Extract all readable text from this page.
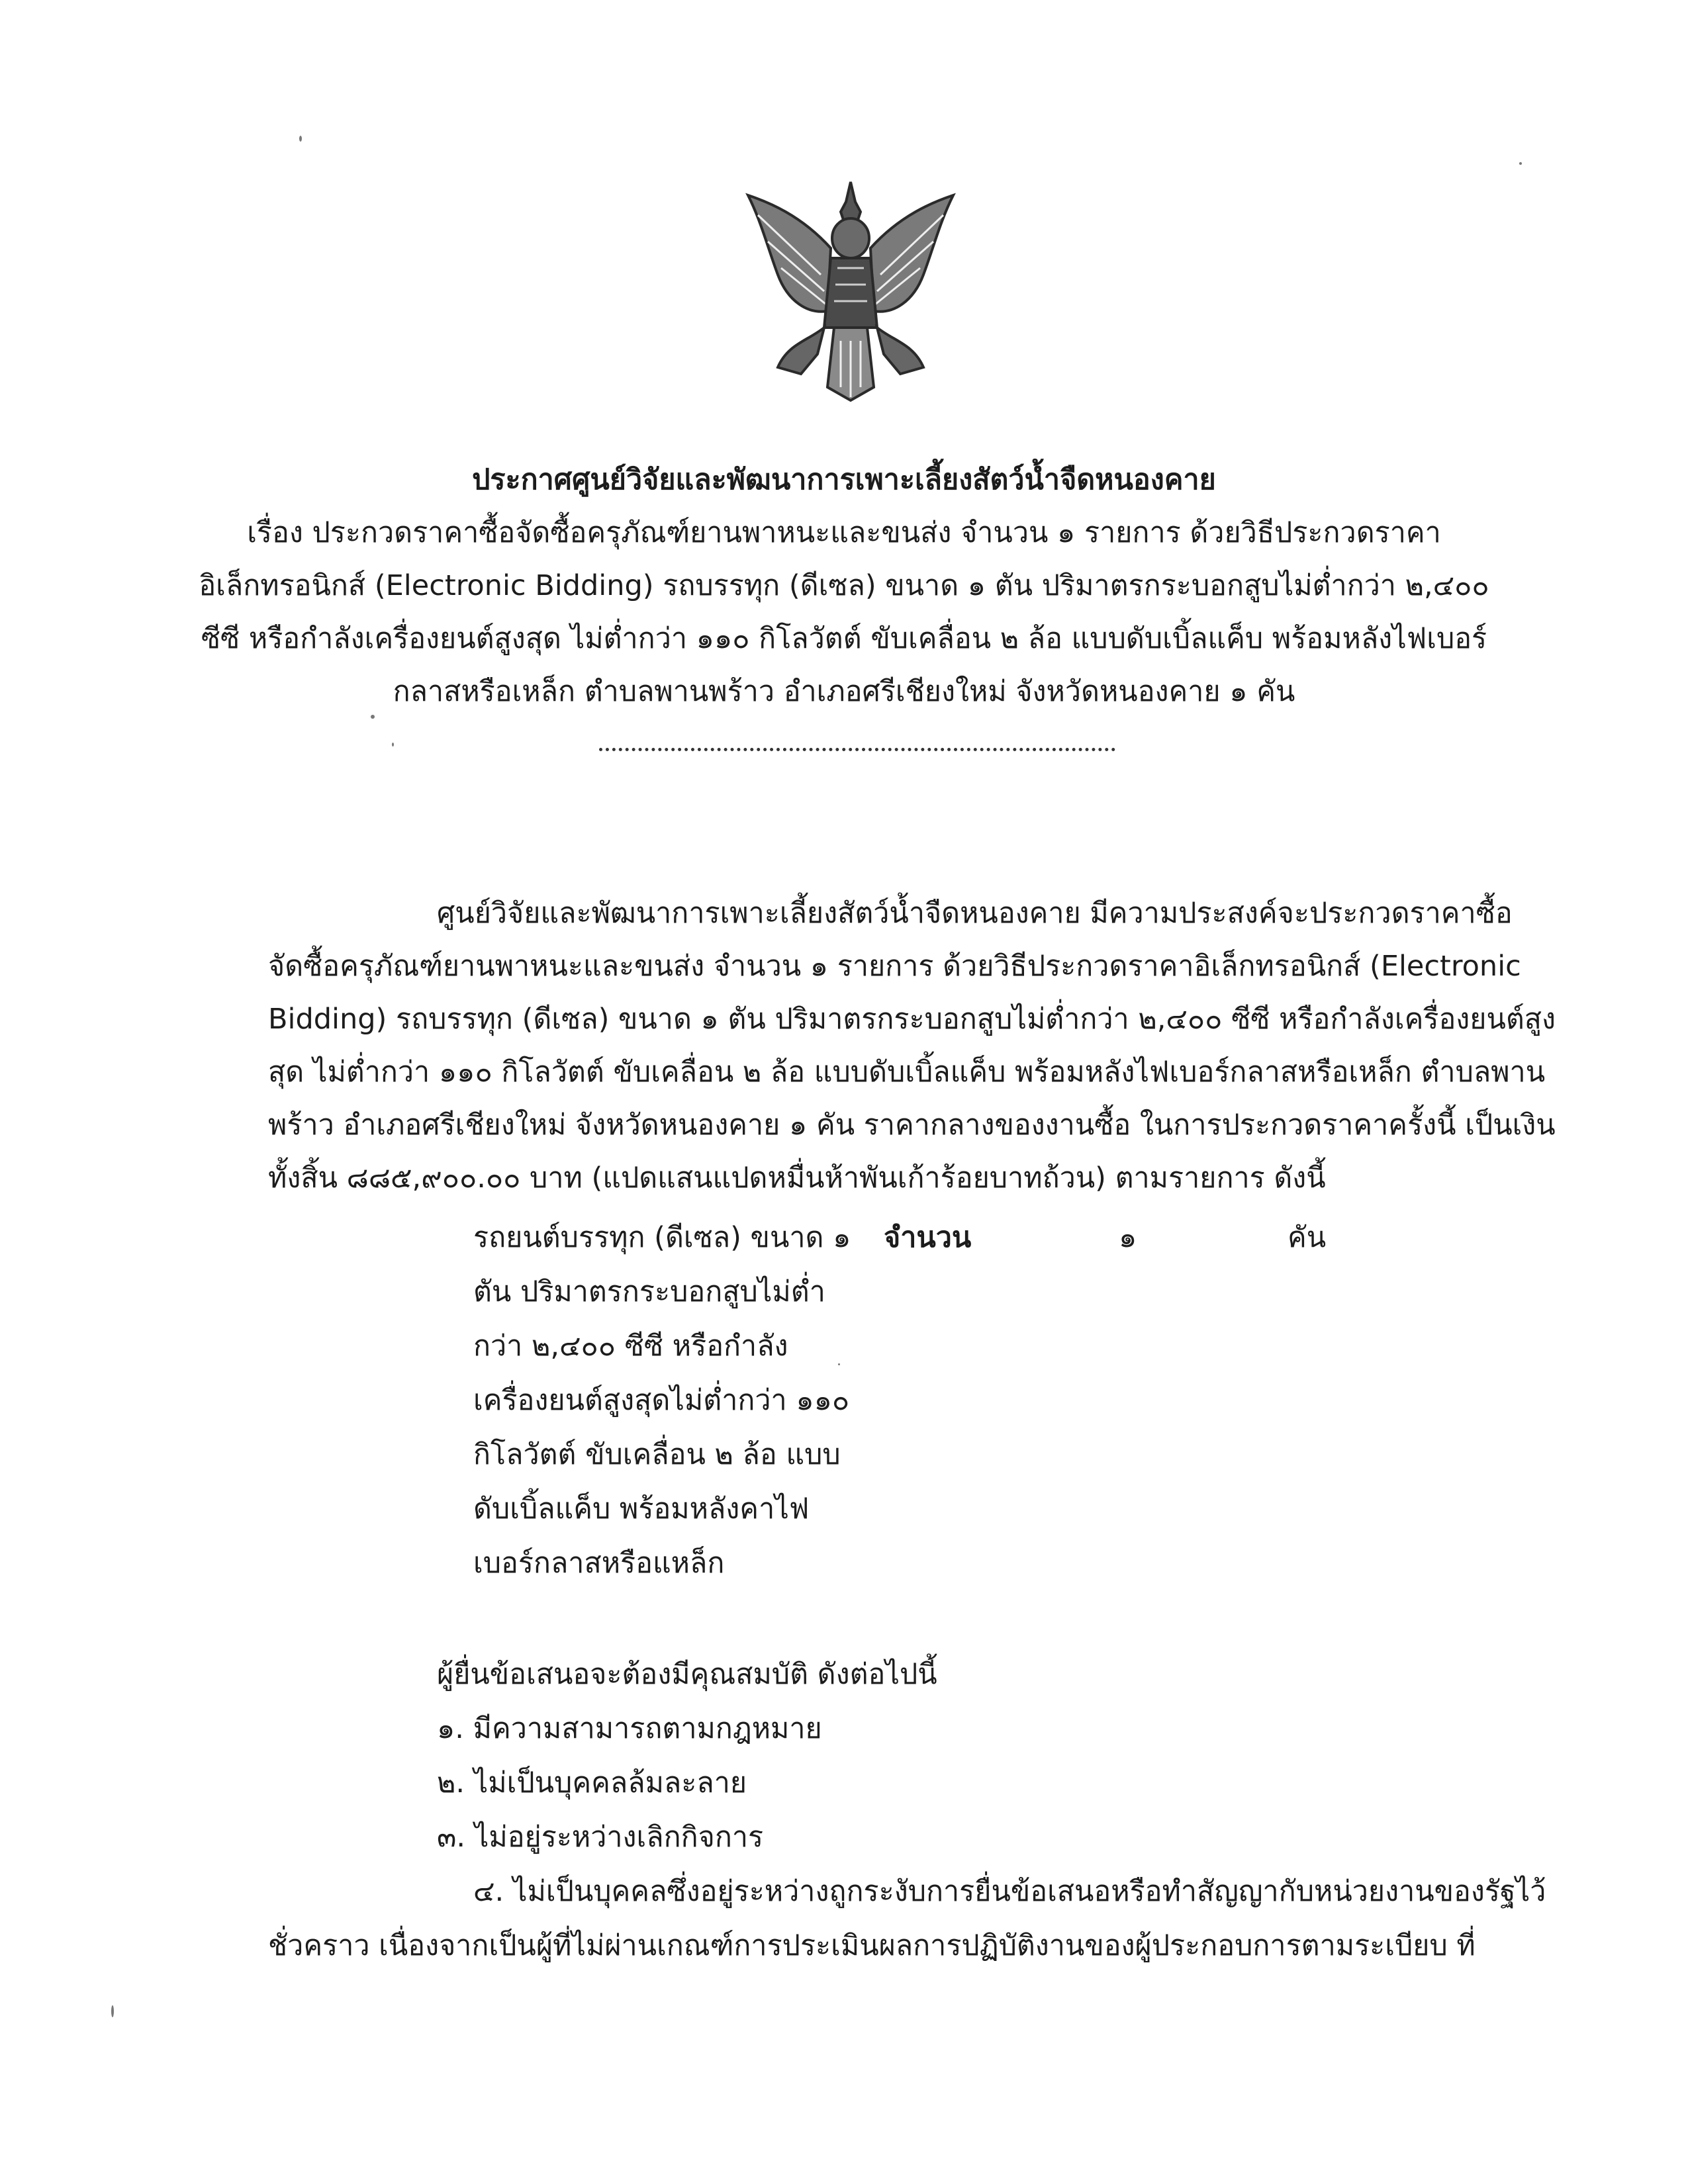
ประกาศศูนย์วิจัยและพัฒนาการเพาะเลี้ยงสัตว์น้ำจืดหนองคาย
เรื่อง ประกวดราคาซื้อจัดซื้อครุภัณฑ์ยานพาหนะและขนส่ง จำนวน ๑ รายการ ด้วยวิธีประกวดราคา
อิเล็กทรอนิกส์ (Electronic Bidding) รถบรรทุก (ดีเซล) ขนาด ๑ ตัน ปริมาตรกระบอกสูบไม่ต่ำกว่า ๒,๔๐๐
ซีซี หรือกำลังเครื่องยนต์สูงสุด ไม่ต่ำกว่า ๑๑๐ กิโลวัตต์ ขับเคลื่อน ๒ ล้อ แบบดับเบิ้ลแค็บ พร้อมหลังไฟเบอร์
กลาสหรือเหล็ก ตำบลพานพร้าว อำเภอศรีเชียงใหม่ จังหวัดหนองคาย ๑ คัน
ศูนย์วิจัยและพัฒนาการเพาะเลี้ยงสัตว์น้ำจืดหนองคาย มีความประสงค์จะประกวดราคาซื้อ
จัดซื้อครุภัณฑ์ยานพาหนะและขนส่ง จำนวน ๑ รายการ ด้วยวิธีประกวดราคาอิเล็กทรอนิกส์ (Electronic
Bidding) รถบรรทุก (ดีเซล) ขนาด ๑ ตัน ปริมาตรกระบอกสูบไม่ต่ำกว่า ๒,๔๐๐ ซีซี หรือกำลังเครื่องยนต์สูง
สุด ไม่ต่ำกว่า ๑๑๐ กิโลวัตต์ ขับเคลื่อน ๒ ล้อ แบบดับเบิ้ลแค็บ พร้อมหลังไฟเบอร์กลาสหรือเหล็ก ตำบลพาน
พร้าว อำเภอศรีเชียงใหม่ จังหวัดหนองคาย ๑ คัน ราคากลางของงานซื้อ ในการประกวดราคาครั้งนี้ เป็นเงิน
ทั้งสิ้น ๘๘๕,๙๐๐.๐๐ บาท (แปดแสนแปดหมื่นห้าพันเก้าร้อยบาทถ้วน) ตามรายการ ดังนี้
รถยนต์บรรทุก (ดีเซล) ขนาด ๑
ตัน ปริมาตรกระบอกสูบไม่ต่ำ
กว่า ๒,๔๐๐ ซีซี หรือกำลัง
เครื่องยนต์สูงสุดไม่ต่ำกว่า ๑๑๐
กิโลวัตต์ ขับเคลื่อน ๒ ล้อ แบบ
ดับเบิ้ลแค็บ พร้อมหลังคาไฟ
เบอร์กลาสหรือแหล็ก
จำนวน	๑	คัน
ผู้ยื่นข้อเสนอจะต้องมีคุณสมบัติ ดังต่อไปนี้
๑. มีความสามารถตามกฎหมาย
๒. ไม่เป็นบุคคลล้มละลาย
๓. ไม่อยู่ระหว่างเลิกกิจการ
๔. ไม่เป็นบุคคลซึ่งอยู่ระหว่างถูกระงับการยื่นข้อเสนอหรือทำสัญญากับหน่วยงานของรัฐไว้
ชั่วคราว เนื่องจากเป็นผู้ที่ไม่ผ่านเกณฑ์การประเมินผลการปฏิบัติงานของผู้ประกอบการตามระเบียบ ที่
